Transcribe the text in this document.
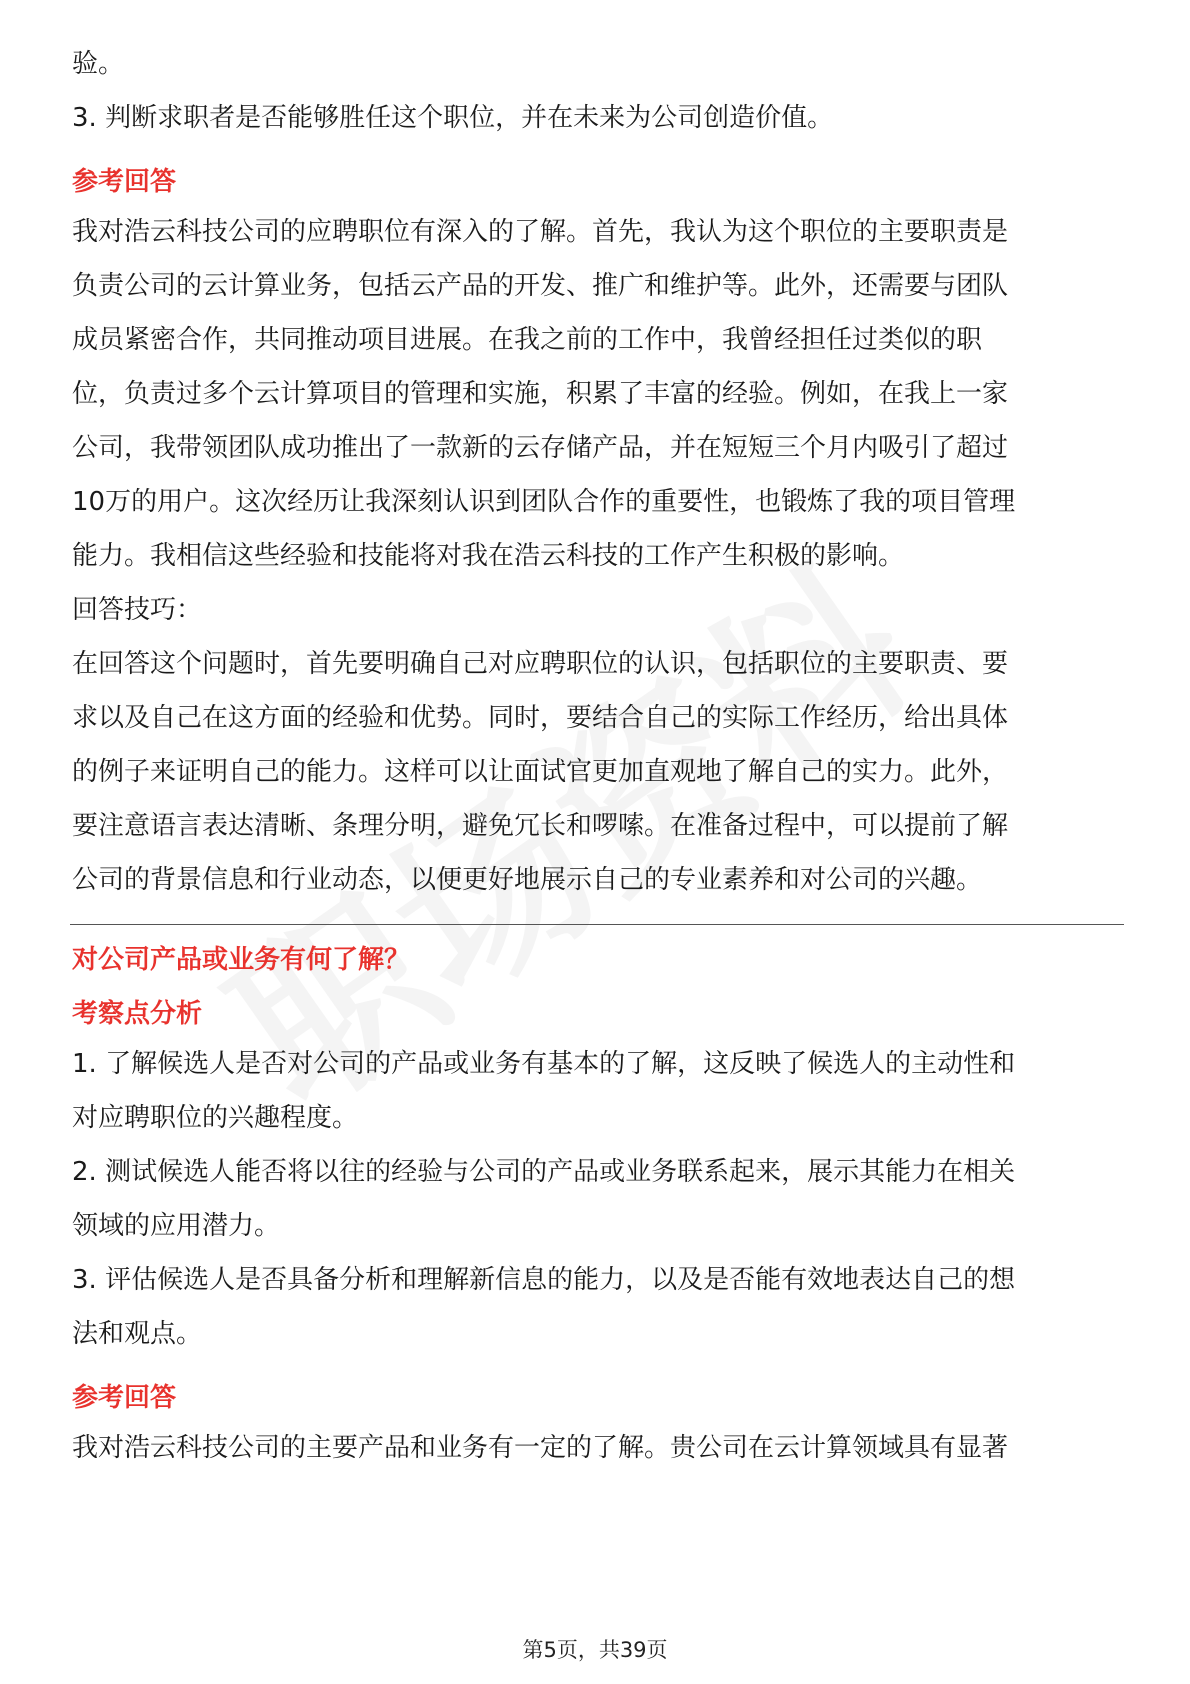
验。
3. 判断求职者是否能够胜任这个职位，并在未来为公司创造价值。
参考回答
我对浩云科技公司的应聘职位有深入的了解。首先，我认为这个职位的主要职责是
负责公司的云计算业务，包括云产品的开发、推广和维护等。此外，还需要与团队
成员紧密合作，共同推动项目进展。在我之前的工作中，我曾经担任过类似的职
位，负责过多个云计算项目的管理和实施，积累了丰富的经验。例如，在我上一家
公司，我带领团队成功推出了一款新的云存储产品，并在短短三个月内吸引了超过
10万的用户。这次经历让我深刻认识到团队合作的重要性，也锻炼了我的项目管理
能力。我相信这些经验和技能将对我在浩云科技的工作产生积极的影响。
回答技巧：
在回答这个问题时，首先要明确自己对应聘职位的认识，包括职位的主要职责、要
求以及自己在这方面的经验和优势。同时，要结合自己的实际工作经历，给出具体
的例子来证明自己的能力。这样可以让面试官更加直观地了解自己的实力。此外，
要注意语言表达清晰、条理分明，避免冗长和啰嗦。在准备过程中，可以提前了解
公司的背景信息和行业动态，以便更好地展示自己的专业素养和对公司的兴趣。
对公司产品或业务有何了解？
考察点分析
1. 了解候选人是否对公司的产品或业务有基本的了解，这反映了候选人的主动性和
对应聘职位的兴趣程度。
2. 测试候选人能否将以往的经验与公司的产品或业务联系起来，展示其能力在相关
领域的应用潜力。
3. 评估候选人是否具备分析和理解新信息的能力，以及是否能有效地表达自己的想
法和观点。
参考回答
我对浩云科技公司的主要产品和业务有一定的了解。贵公司在云计算领域具有显著
第5页，共39页
